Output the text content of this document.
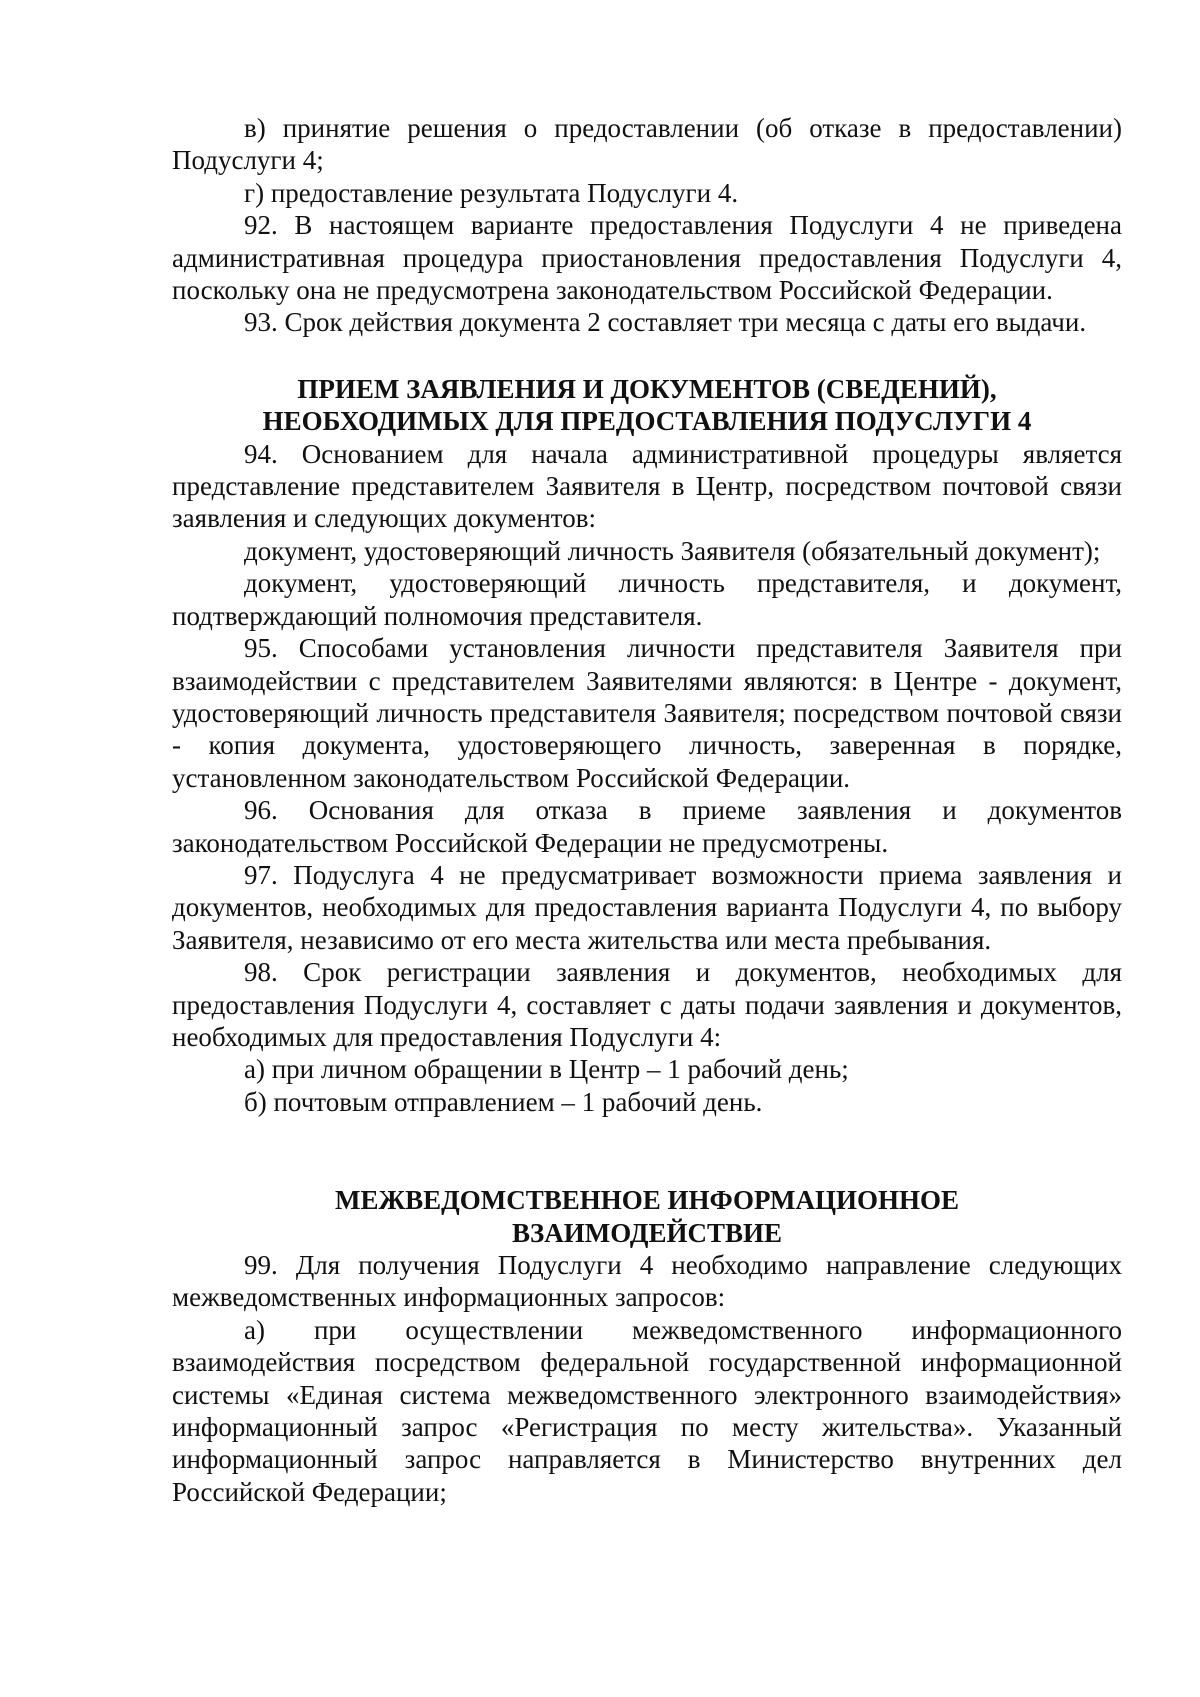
в) принятие решения о предоставлении (об отказе в предоставлении) Подуслуги 4;

г) предоставление результата Подуслуги 4.

92. В настоящем варианте предоставления Подуслуги 4 не приведена административная процедура приостановления предоставления Подуслуги 4, поскольку она не предусмотрена законодательством Российской Федерации.

93. Срок действия документа 2 составляет три месяца с даты его выдачи.

ПРИЕМ ЗАЯВЛЕНИЯ И ДОКУМЕНТОВ (СВЕДЕНИЙ),
НЕОБХОДИМЫХ ДЛЯ ПРЕДОСТАВЛЕНИЯ ПОДУСЛУГИ 4

94. Основанием для начала административной процедуры является представление представителем Заявителя в Центр, посредством почтовой связи заявления и следующих документов:

документ, удостоверяющий личность Заявителя (обязательный документ);

документ, удостоверяющий личность представителя, и документ, подтверждающий полномочия представителя.

95. Способами установления личности представителя Заявителя при взаимодействии с представителем Заявителями являются: в Центре - документ, удостоверяющий личность представителя Заявителя; посредством почтовой связи - копия документа, удостоверяющего личность, заверенная в порядке, установленном законодательством Российской Федерации.

96. Основания для отказа в приеме заявления и документов законодательством Российской Федерации не предусмотрены.

97. Подуслуга 4 не предусматривает возможности приема заявления и документов, необходимых для предоставления варианта Подуслуги 4, по выбору Заявителя, независимо от его места жительства или места пребывания.

98. Срок регистрации заявления и документов, необходимых для предоставления Подуслуги 4, составляет с даты подачи заявления и документов, необходимых для предоставления Подуслуги 4:

а) при личном обращении в Центр – 1 рабочий день;

б) почтовым отправлением – 1 рабочий день.

МЕЖВЕДОМСТВЕННОЕ ИНФОРМАЦИОННОЕ
ВЗАИМОДЕЙСТВИЕ

99. Для получения Подуслуги 4 необходимо направление следующих межведомственных информационных запросов:

а) при осуществлении межведомственного информационного взаимодействия посредством федеральной государственной информационной системы «Единая система межведомственного электронного взаимодействия» информационный запрос «Регистрация по месту жительства». Указанный информационный запрос направляется в Министерство внутренних дел Российской Федерации;
